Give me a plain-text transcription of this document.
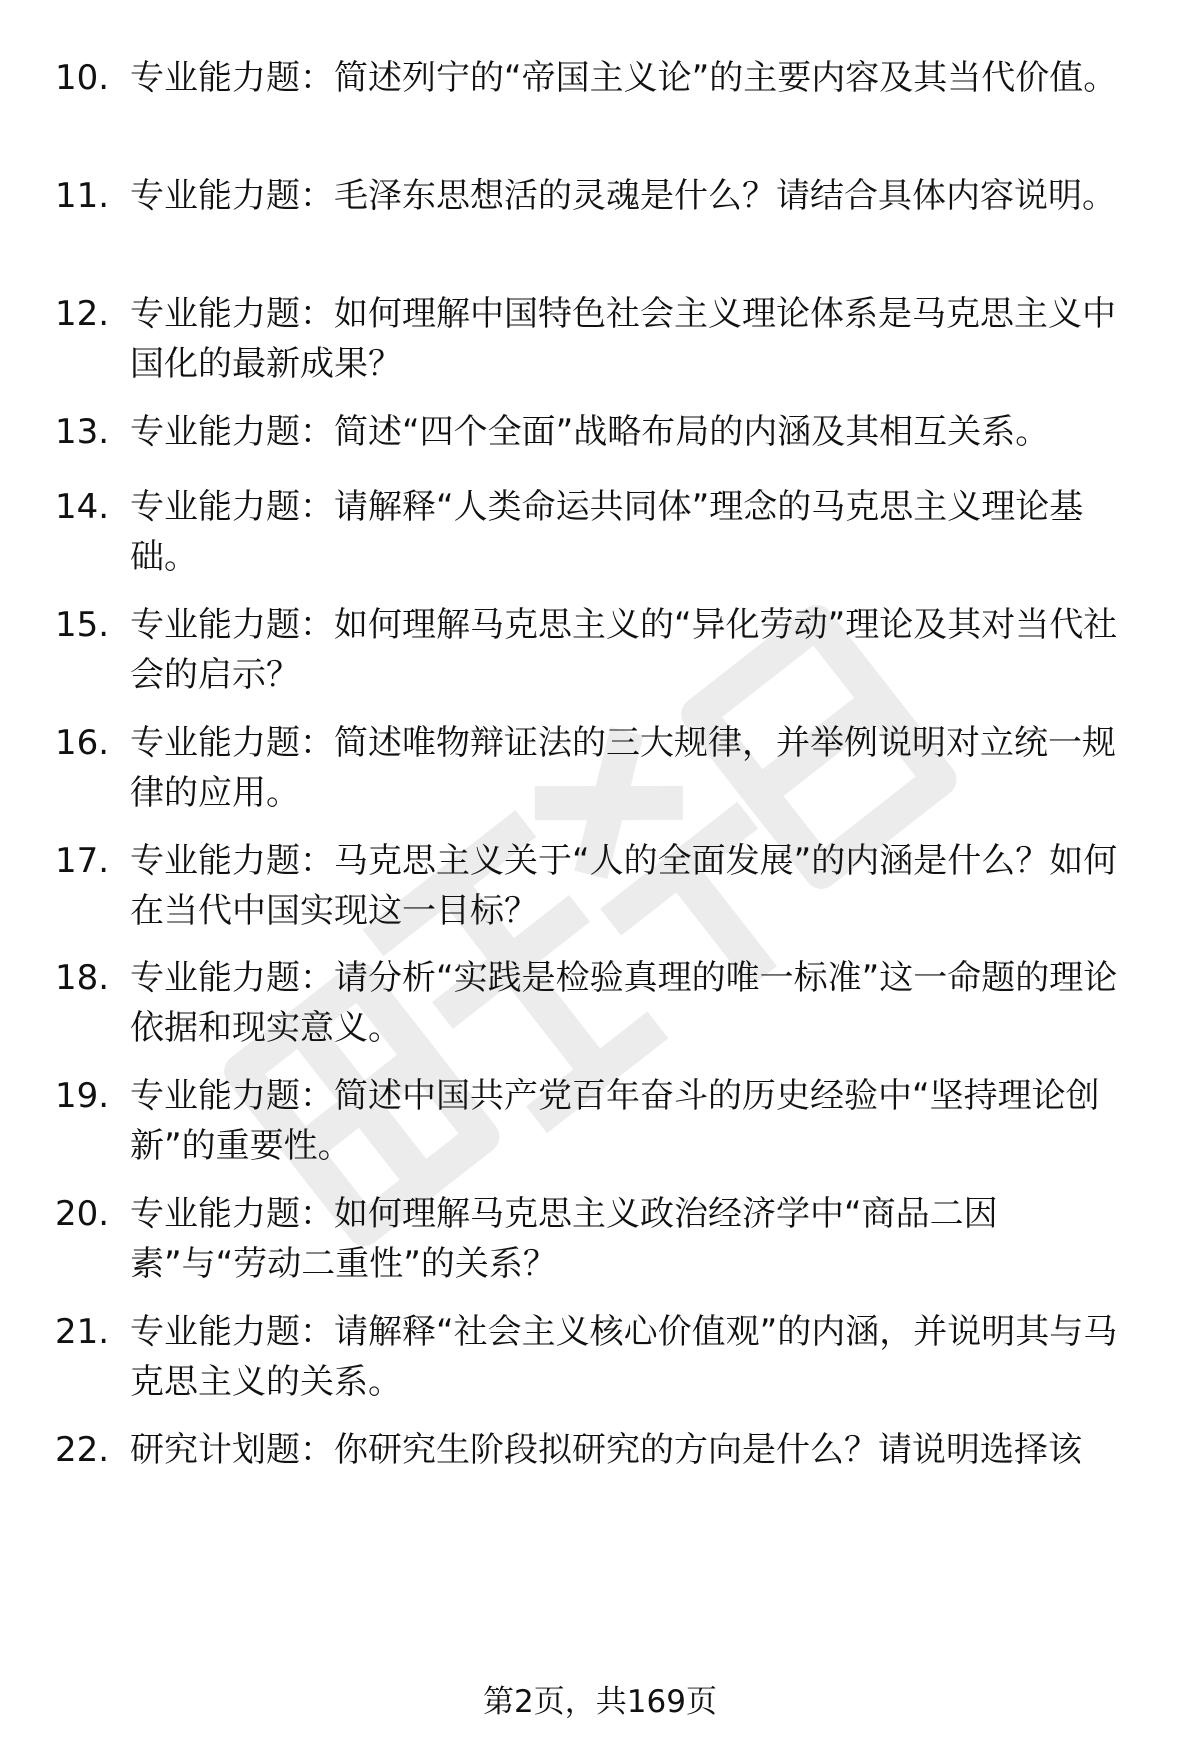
10. 专业能力题：简述列宁的“帝国主义论”的主要内容及其当代价值。
11. 专业能力题：毛泽东思想活的灵魂是什么？请结合具体内容说明。
12. 专业能力题：如何理解中国特色社会主义理论体系是马克思主义中国化的最新成果？
13. 专业能力题：简述“四个全面”战略布局的内涵及其相互关系。
14. 专业能力题：请解释“人类命运共同体”理念的马克思主义理论基础。
15. 专业能力题：如何理解马克思主义的“异化劳动”理论及其对当代社会的启示？
16. 专业能力题：简述唯物辩证法的三大规律，并举例说明对立统一规律的应用。
17. 专业能力题：马克思主义关于“人的全面发展”的内涵是什么？如何在当代中国实现这一目标？
18. 专业能力题：请分析“实践是检验真理的唯一标准”这一命题的理论依据和现实意义。
19. 专业能力题：简述中国共产党百年奋斗的历史经验中“坚持理论创新”的重要性。
20. 专业能力题：如何理解马克思主义政治经济学中“商品二因素”与“劳动二重性”的关系？
21. 专业能力题：请解释“社会主义核心价值观”的内涵，并说明其与马克思主义的关系。
22. 研究计划题：你研究生阶段拟研究的方向是什么？请说明选择该
第2页，共169页
